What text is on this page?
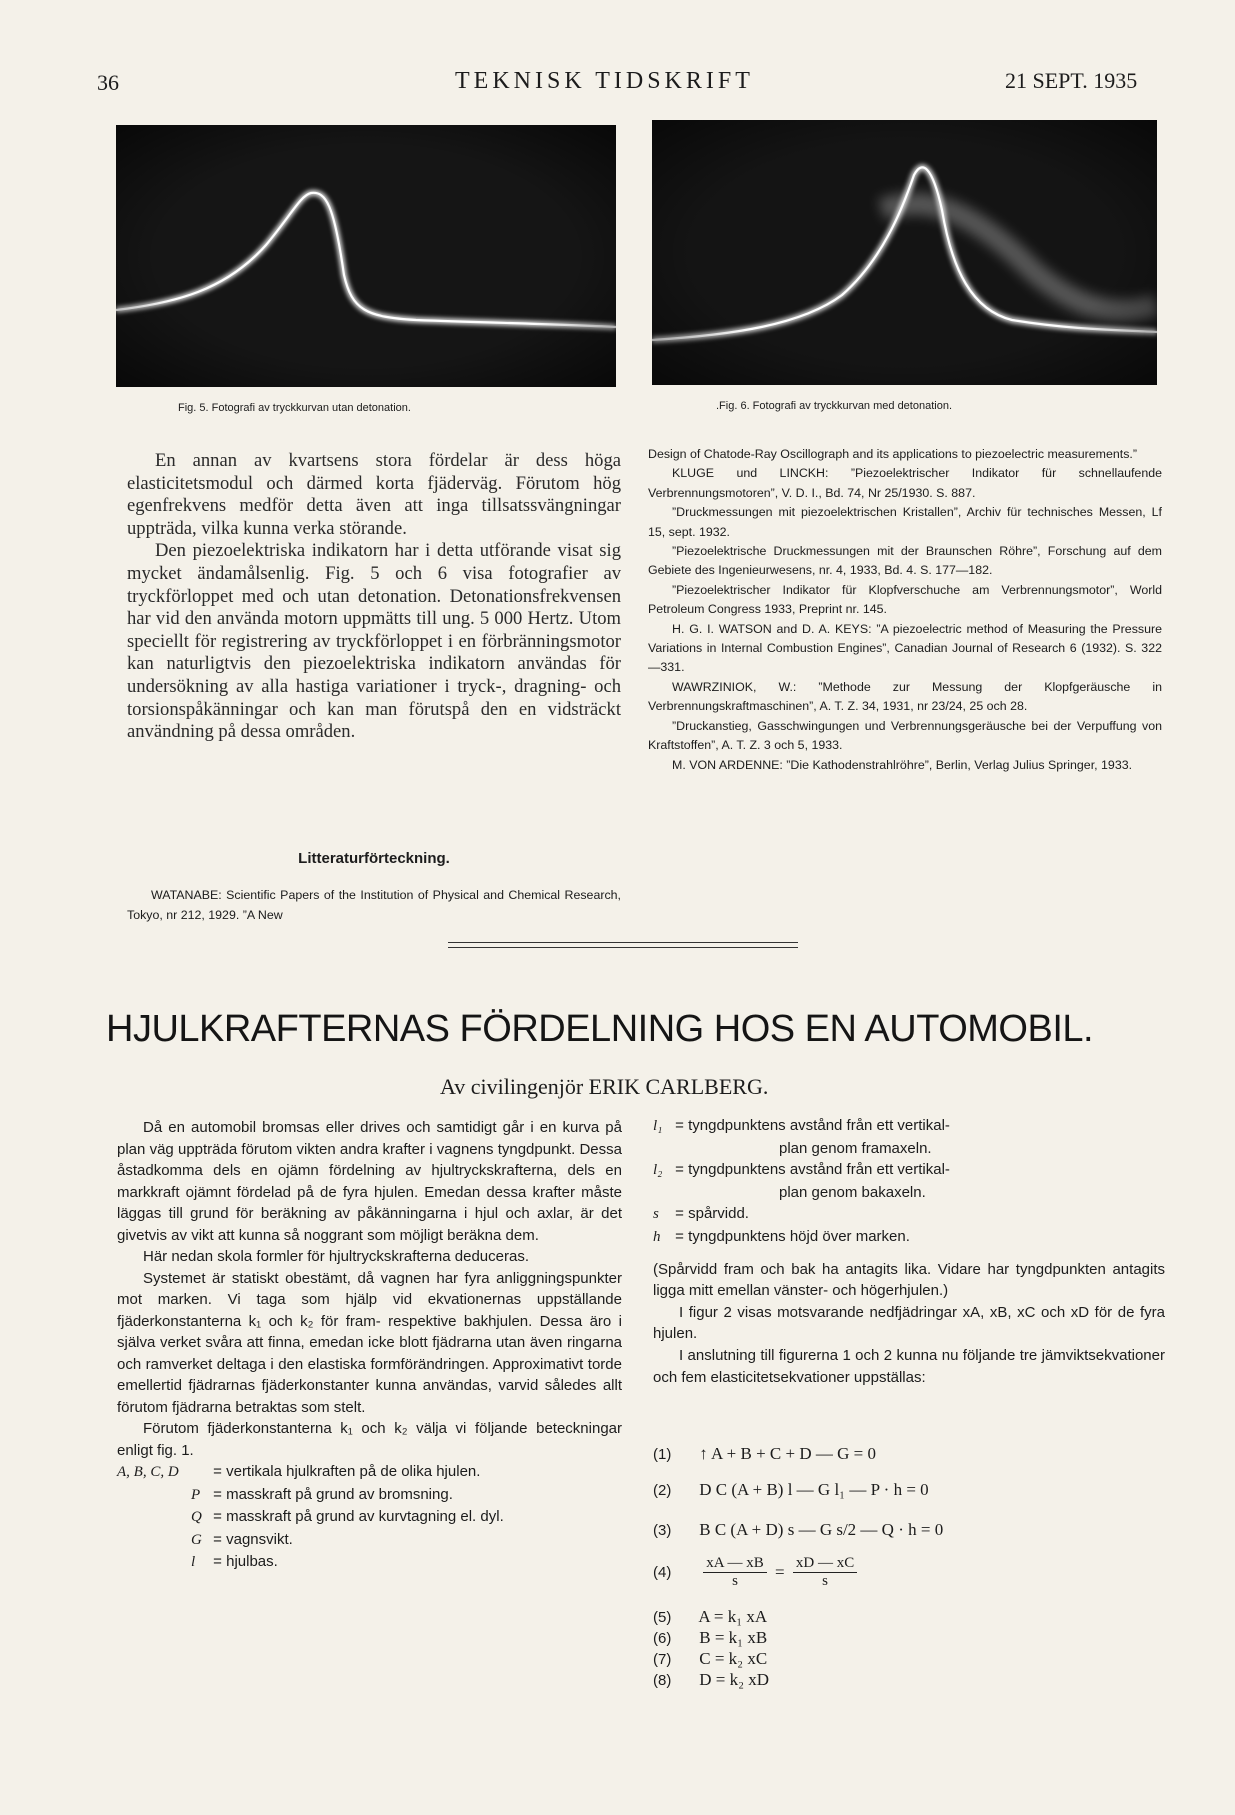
36	TEKNISK TIDSKRIFT	21 SEPT. 1935
Fig. 5. Fotografi av tryckkurvan utan detonation.	.Fig. 6. Fotografi av tryckkurvan med detonation.

En annan av kvartsens stora fördelar är dess höga elasticitetsmodul och därmed korta fjäderväg. Förutom hög egenfrekvens medför detta även att inga tillsatssvängningar uppträda, vilka kunna verka störande.

Den piezoelektriska indikatorn har i detta utförande visat sig mycket ändamålsenlig. Fig. 5 och 6 visa fotografier av tryckförloppet med och utan detonation. Detonationsfrekvensen har vid den använda motorn uppmätts till ung. 5 000 Hertz. Utom speciellt för registrering av tryckförloppet i en förbränningsmotor kan naturligtvis den piezoelektriska indikatorn användas för undersökning av alla hastiga variationer i tryck-, dragning- och torsionspåkänningar och kan man förutspå den en vidsträckt användning på dessa områden.

Litteraturförteckning.

WATANABE: Scientific Papers of the Institution of Physical and Chemical Research, Tokyo, nr 212, 1929. ”A New

Design of Chatode-Ray Oscillograph and its applications to piezoelectric measurements.”

KLUGE und LINCKH: ”Piezoelektrischer Indikator für schnellaufende Verbrennungsmotoren”, V. D. I., Bd. 74, Nr 25/1930. S. 887.

”Druckmessungen mit piezoelektrischen Kristallen”, Archiv für technisches Messen, Lf 15, sept. 1932.

”Piezoelektrische Druckmessungen mit der Braunschen Röhre”, Forschung auf dem Gebiete des Ingenieurwesens, nr. 4, 1933, Bd. 4. S. 177—182.

”Piezoelektrischer Indikator für Klopfverschuche am Verbrennungsmotor”, World Petroleum Congress 1933, Preprint nr. 145.

H. G. I. WATSON and D. A. KEYS: ”A piezoelectric method of Measuring the Pressure Variations in Internal Combustion Engines”, Canadian Journal of Research 6 (1932). S. 322 —331.

WAWRZINIOK, W.: ”Methode zur Messung der Klopfgeräusche in Verbrennungskraftmaschinen”, A. T. Z. 34, 1931, nr 23/24, 25 och 28.

”Druckanstieg, Gasschwingungen und Verbrennungsgeräusche bei der Verpuffung von Kraftstoffen”, A. T. Z. 3 och 5, 1933.

M. VON ARDENNE: ”Die Kathodenstrahlröhre”, Berlin, Verlag Julius Springer, 1933.

HJULKRAFTERNAS FÖRDELNING HOS EN AUTOMOBIL.
Av civilingenjör ERIK CARLBERG.

Då en automobil bromsas eller drives och samtidigt går i en kurva på plan väg uppträda förutom vikten andra krafter i vagnens tyngdpunkt. Dessa åstadkomma dels en ojämn fördelning av hjultryckskrafterna, dels en markkraft ojämnt fördelad på de fyra hjulen. Emedan dessa krafter måste läggas till grund för beräkning av påkänningarna i hjul och axlar, är det givetvis av vikt att kunna så noggrant som möjligt beräkna dem.

Här nedan skola formler för hjultryckskrafterna deduceras.

Systemet är statiskt obestämt, då vagnen har fyra anliggningspunkter mot marken. Vi taga som hjälp vid ekvationernas uppställande fjäderkonstanterna k₁ och k₂ för fram- respektive bakhjulen. Dessa äro i själva verket svåra att finna, emedan icke blott fjädrarna utan även ringarna och ramverket deltaga i den elastiska formförändringen. Approximativt torde emellertid fjädrarnas fjäderkonstanter kunna användas, varvid således allt förutom fjädrarna betraktas som stelt.

Förutom fjäderkonstanterna k₁ och k₂ välja vi följande beteckningar enligt fig. 1.

A, B, C, D = vertikala hjulkraften på de olika hjulen.
P = masskraft på grund av bromsning.
Q = masskraft på grund av kurvtagning el. dyl.
G = vagnsvikt.
l = hjulbas.
l₁ = tyngdpunktens avstånd från ett vertikal-
plan genom framaxeln.
l₂ = tyngdpunktens avstånd från ett vertikal-
plan genom bakaxeln.
s = spårvidd.
h = tyngdpunktens höjd över marken.

(Spårvidd fram och bak ha antagits lika. Vidare har tyngdpunkten antagits ligga mitt emellan vänster- och högerhjulen.)

I figur 2 visas motsvarande nedfjädringar xA, xB, xC och xD för de fyra hjulen.

I anslutning till figurerna 1 och 2 kunna nu följande tre jämviktsekvationer och fem elasticitetsekvationer uppställas:

(1) ↑ A + B + C + D — G = 0
(2) D C (A + B) l — G l₁ — P · h = 0
(3) B C (A + D) s — G s/2 — Q · h = 0
$(4) \frac{xA — xB}{s} = \frac{xD — xC}{s}$
(5) A = k₁ xA
(6) B = k₁ xB
(7) C = k₂ xC
(8) D = k₂ xD
